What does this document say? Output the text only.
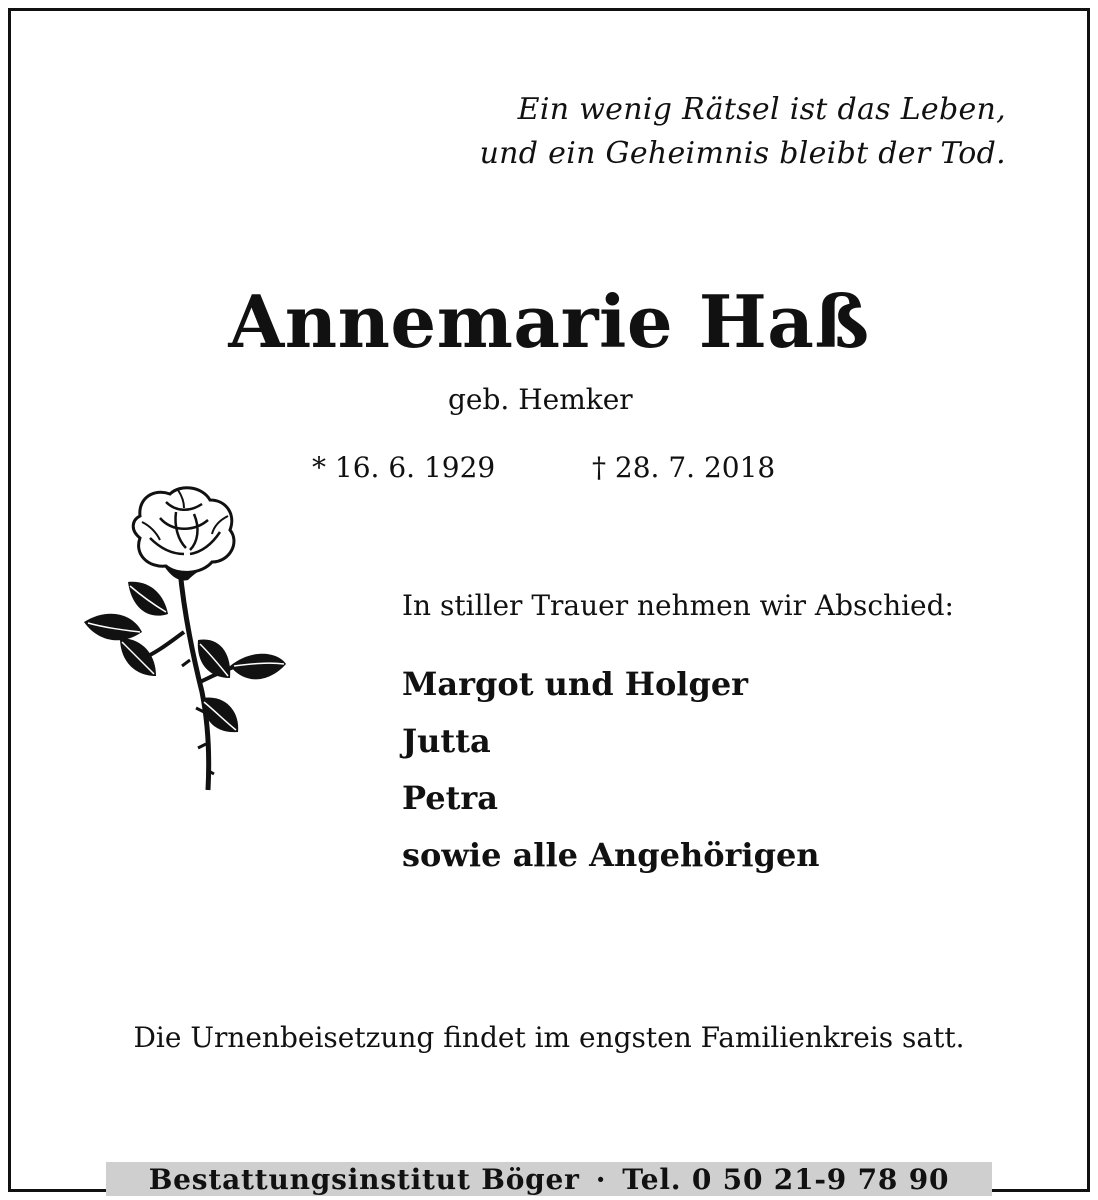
Ein wenig Rätsel ist das Leben,
und ein Geheimnis bleibt der Tod.
Annemarie Haß
geb. Hemker
* 16. 6. 1929	† 28. 7. 2018
In stiller Trauer nehmen wir Abschied:
Margot und Holger
Jutta
Petra
sowie alle Angehörigen
Die Urnenbeisetzung findet im engsten Familienkreis satt.
Bestattungsinstitut Böger · Tel. 0 50 21-9 78 90
